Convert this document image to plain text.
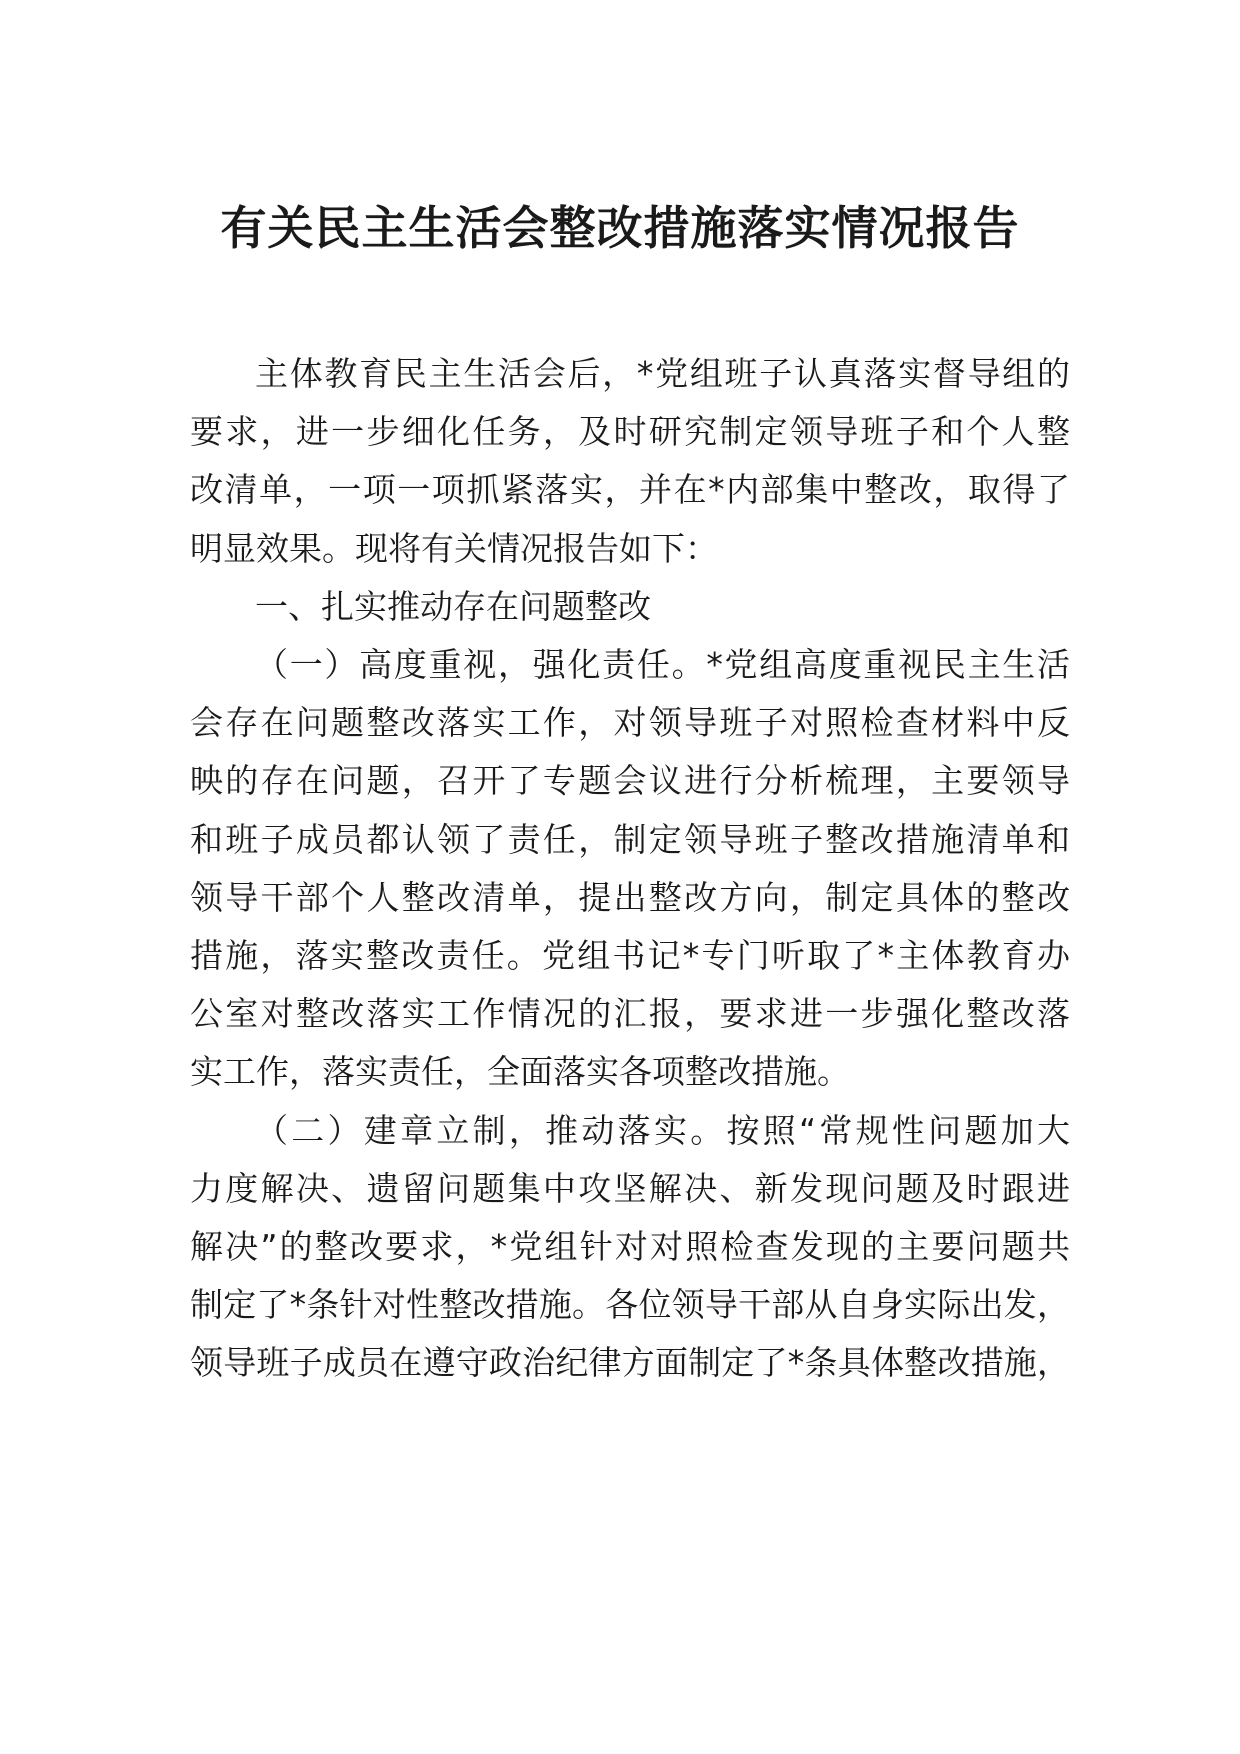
有关民主生活会整改措施落实情况报告
主体教育民主生活会后，*党组班子认真落实督导组的
要求，进一步细化任务，及时研究制定领导班子和个人整
改清单，一项一项抓紧落实，并在*内部集中整改，取得了
明显效果。现将有关情况报告如下：
一、扎实推动存在问题整改
（一）高度重视，强化责任。*党组高度重视民主生活
会存在问题整改落实工作，对领导班子对照检查材料中反
映的存在问题，召开了专题会议进行分析梳理，主要领导
和班子成员都认领了责任，制定领导班子整改措施清单和
领导干部个人整改清单，提出整改方向，制定具体的整改
措施，落实整改责任。党组书记*专门听取了*主体教育办
公室对整改落实工作情况的汇报，要求进一步强化整改落
实工作，落实责任，全面落实各项整改措施。
（二）建章立制，推动落实。按照“常规性问题加大
力度解决、遗留问题集中攻坚解决、新发现问题及时跟进
解决”的整改要求，*党组针对对照检查发现的主要问题共
制定了*条针对性整改措施。各位领导干部从自身实际出发，
领导班子成员在遵守政治纪律方面制定了*条具体整改措施，
